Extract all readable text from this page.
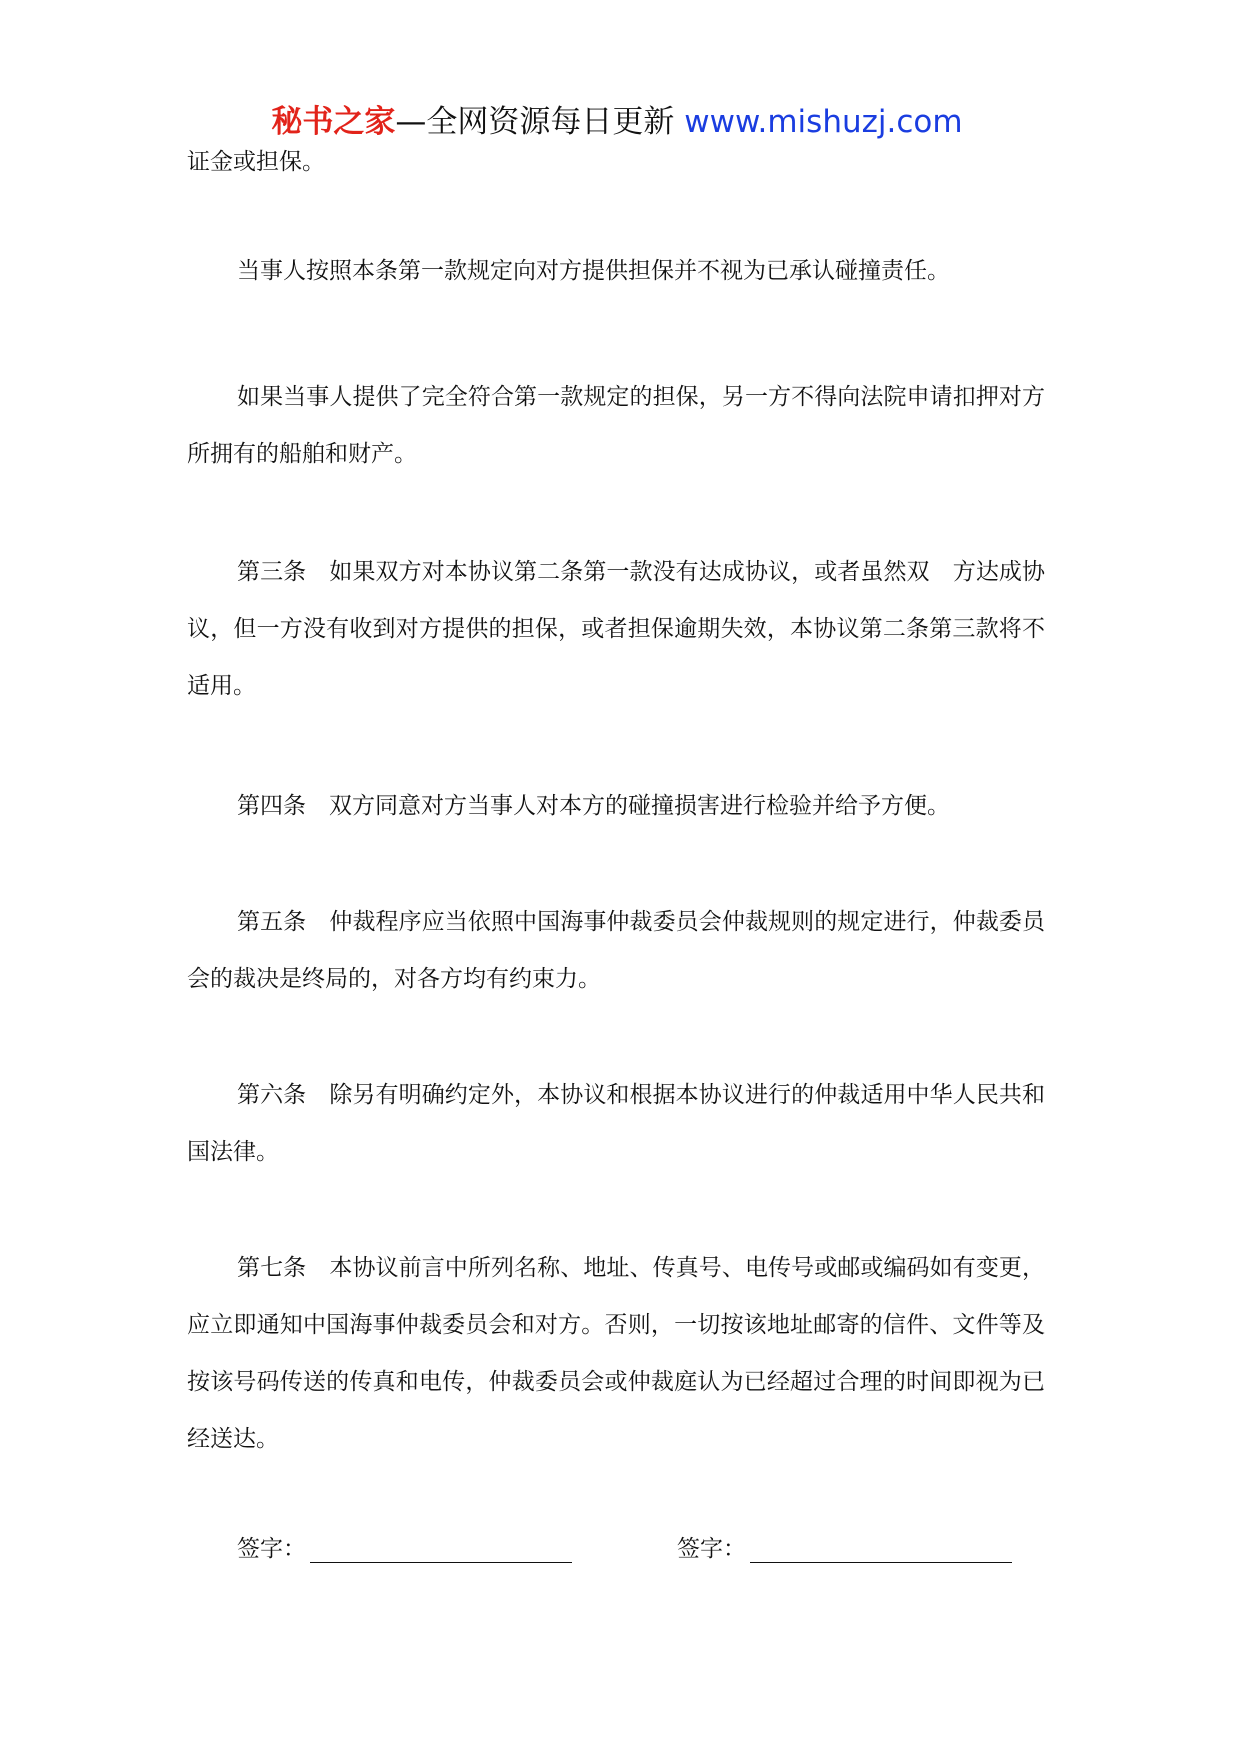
秘书之家—全网资源每日更新 www.mishuzj.com

证金或担保。

当事人按照本条第一款规定向对方提供担保并不视为已承认碰撞责任。

如果当事人提供了完全符合第一款规定的担保，另一方不得向法院申请扣押对方所拥有的船舶和财产。

第三条　如果双方对本协议第二条第一款没有达成协议，或者虽然双　方达成协议，但一方没有收到对方提供的担保，或者担保逾期失效，本协议第二条第三款将不适用。

第四条　双方同意对方当事人对本方的碰撞损害进行检验并给予方便。

第五条　仲裁程序应当依照中国海事仲裁委员会仲裁规则的规定进行，仲裁委员会的裁决是终局的，对各方均有约束力。

第六条　除另有明确约定外，本协议和根据本协议进行的仲裁适用中华人民共和国法律。

第七条　本协议前言中所列名称、地址、传真号、电传号或邮或编码如有变更，应立即通知中国海事仲裁委员会和对方。否则，一切按该地址邮寄的信件、文件等及按该号码传送的传真和电传，仲裁委员会或仲裁庭认为已经超过合理的时间即视为已经送达。

签字：	签字：
